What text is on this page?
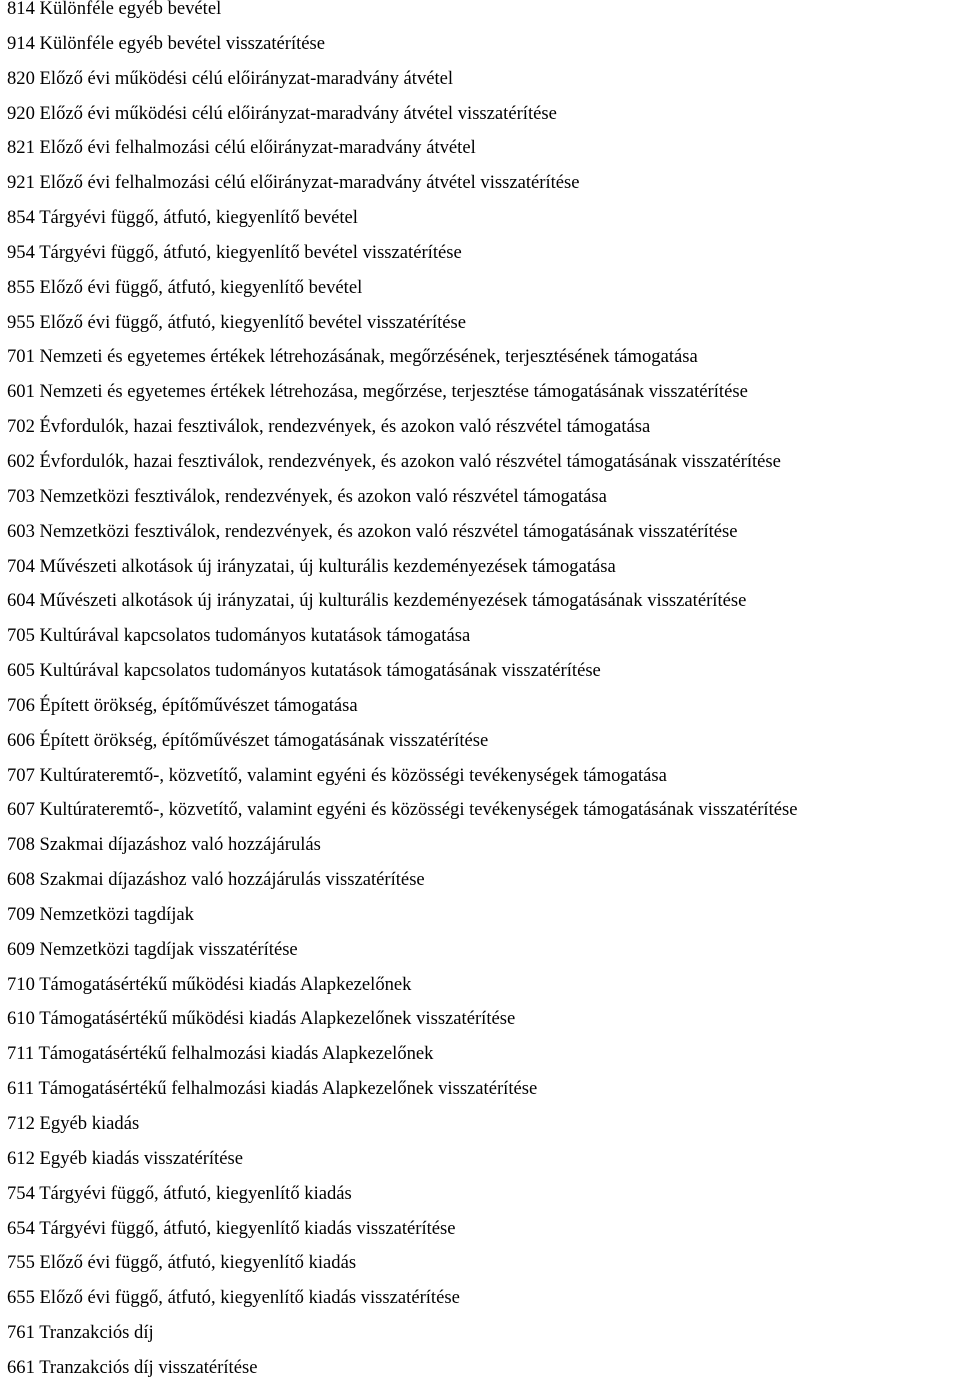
814 Különféle egyéb bevétel
914 Különféle egyéb bevétel visszatérítése
820 Előző évi működési célú előirányzat-maradvány átvétel
920 Előző évi működési célú előirányzat-maradvány átvétel visszatérítése
821 Előző évi felhalmozási célú előirányzat-maradvány átvétel
921 Előző évi felhalmozási célú előirányzat-maradvány átvétel visszatérítése
854 Tárgyévi függő, átfutó, kiegyenlítő bevétel
954 Tárgyévi függő, átfutó, kiegyenlítő bevétel visszatérítése
855 Előző évi függő, átfutó, kiegyenlítő bevétel
955 Előző évi függő, átfutó, kiegyenlítő bevétel visszatérítése
701 Nemzeti és egyetemes értékek létrehozásának, megőrzésének, terjesztésének támogatása
601 Nemzeti és egyetemes értékek létrehozása, megőrzése, terjesztése támogatásának visszatérítése
702 Évfordulók, hazai fesztiválok, rendezvények, és azokon való részvétel támogatása
602 Évfordulók, hazai fesztiválok, rendezvények, és azokon való részvétel támogatásának visszatérítése
703 Nemzetközi fesztiválok, rendezvények, és azokon való részvétel támogatása
603 Nemzetközi fesztiválok, rendezvények, és azokon való részvétel támogatásának visszatérítése
704 Művészeti alkotások új irányzatai, új kulturális kezdeményezések támogatása
604 Művészeti alkotások új irányzatai, új kulturális kezdeményezések támogatásának visszatérítése
705 Kultúrával kapcsolatos tudományos kutatások támogatása
605 Kultúrával kapcsolatos tudományos kutatások támogatásának visszatérítése
706 Épített örökség, építőművészet támogatása
606 Épített örökség, építőművészet támogatásának visszatérítése
707 Kultúrateremtő-, közvetítő, valamint egyéni és közösségi tevékenységek támogatása
607 Kultúrateremtő-, közvetítő, valamint egyéni és közösségi tevékenységek támogatásának visszatérítése
708 Szakmai díjazáshoz való hozzájárulás
608 Szakmai díjazáshoz való hozzájárulás visszatérítése
709 Nemzetközi tagdíjak
609 Nemzetközi tagdíjak visszatérítése
710 Támogatásértékű működési kiadás Alapkezelőnek
610 Támogatásértékű működési kiadás Alapkezelőnek visszatérítése
711 Támogatásértékű felhalmozási kiadás Alapkezelőnek
611 Támogatásértékű felhalmozási kiadás Alapkezelőnek visszatérítése
712 Egyéb kiadás
612 Egyéb kiadás visszatérítése
754 Tárgyévi függő, átfutó, kiegyenlítő kiadás
654 Tárgyévi függő, átfutó, kiegyenlítő kiadás visszatérítése
755 Előző évi függő, átfutó, kiegyenlítő kiadás
655 Előző évi függő, átfutó, kiegyenlítő kiadás visszatérítése
761 Tranzakciós díj
661 Tranzakciós díj visszatérítése
